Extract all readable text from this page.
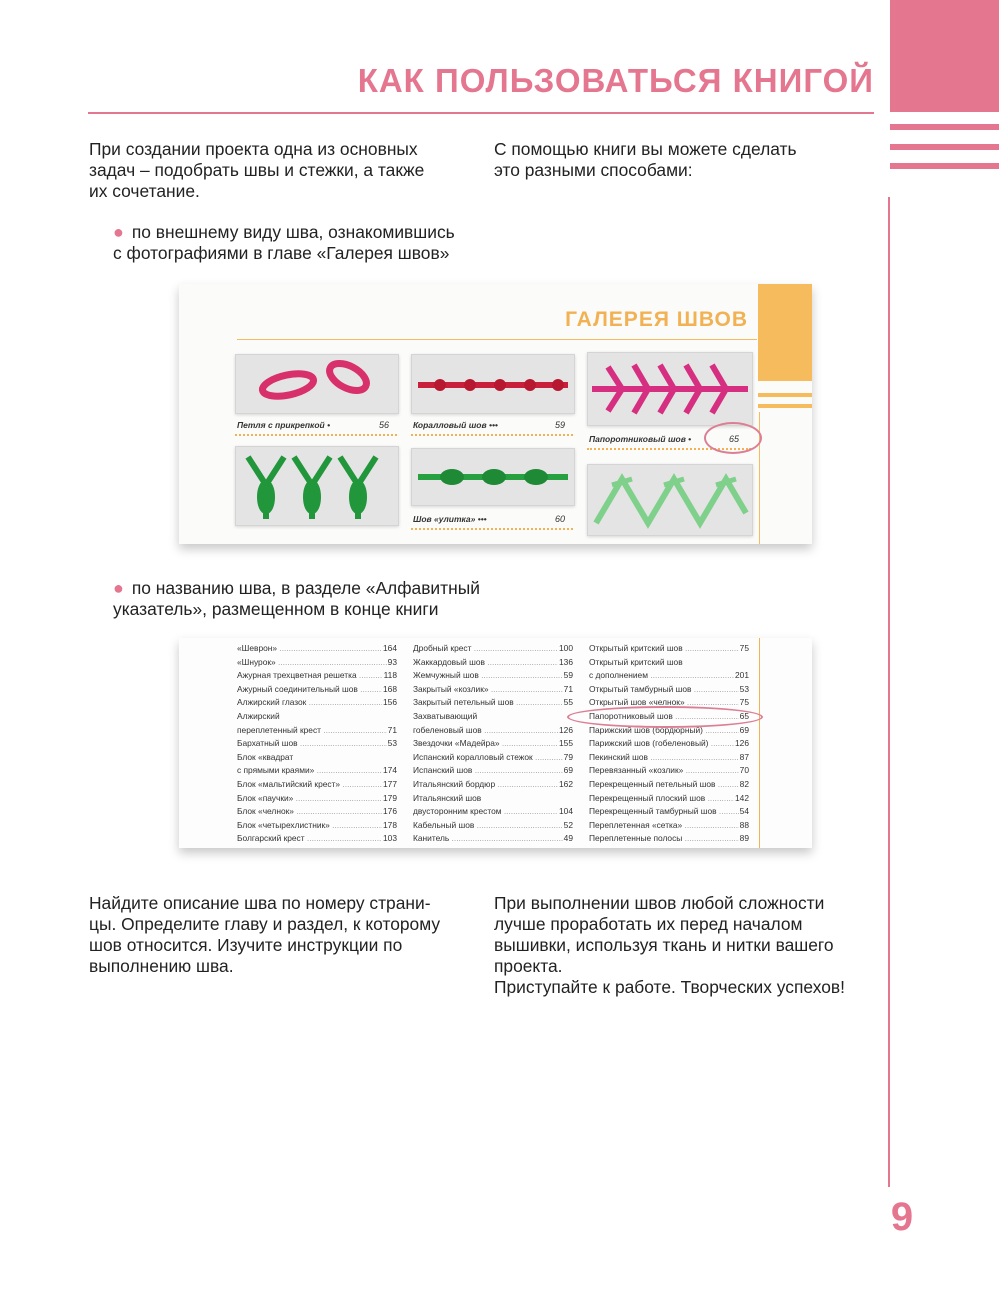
КАК ПОЛЬЗОВАТЬСЯ КНИГОЙ
При создании проекта одна из основных
задач – подобрать швы и стежки, а также
их сочетание.
С помощью книги вы можете сделать
это разными способами:
● по внешнему виду шва, ознакомившись
с фотографиями в главе «Галерея швов»
ГАЛЕРЕЯ ШВОВ
Петля с прикрепкой •	56	Коралловый шов •••	59
Папоротниковый шов •	65
Шов «улитка» •••	60
● по названию шва, в разделе «Алфавитный
указатель», размещенном в конце книги
«Шеврон» .....	164
«Шнурок» .....	93
Ажурная трехцветная решетка .....	118
Ажурный соединительный шов .....	168
Алжирский глазок .....	156
Алжирский
переплетенный крест .....	71
Бархатный шов .....	53
Блок «квадрат
с прямыми краями» .....	174
Блок «мальтийский крест» .....	177
Блок «паучки» .....	179
Блок «челнок» .....	176
Блок «четырехлистник» .....	178
Болгарский крест .....	103
Дробный крест .....	100
Жаккардовый шов .....	136
Жемчужный шов .....	59
Закрытый «козлик» .....	71
Закрытый петельный шов .....	55
Захватывающий
гобеленовый шов .....	126
Звездочки «Мадейра» .....	155
Испанский коралловый стежок .....	79
Испанский шов .....	69
Итальянский бордюр .....	162
Итальянский шов
двусторонним крестом .....	104
Кабельный шов .....	52
Канитель .....	49
Открытый критский шов .....	75
Открытый критский шов
с дополнением .....	201
Открытый тамбурный шов .....	53
Открытый шов «челнок» .....	75
Папоротниковый шов .....	65
Парижский шов (бордюрный) .....	69
Парижский шов (гобеленовый) .....	126
Пекинский шов .....	87
Перевязанный «козлик» .....	70
Перекрещенный петельный шов .....	82
Перекрещенный плоский шов .....	142
Перекрещенный тамбурный шов .....	54
Переплетенная «сетка» .....	88
Переплетенные полосы .....	89
Найдите описание шва по номеру страни-
цы. Определите главу и раздел, к которому
шов относится. Изучите инструкции по
выполнению шва.
При выполнении швов любой сложности
лучше проработать их перед началом
вышивки, используя ткань и нитки вашего
проекта.
Приступайте к работе. Творческих успехов!
9
